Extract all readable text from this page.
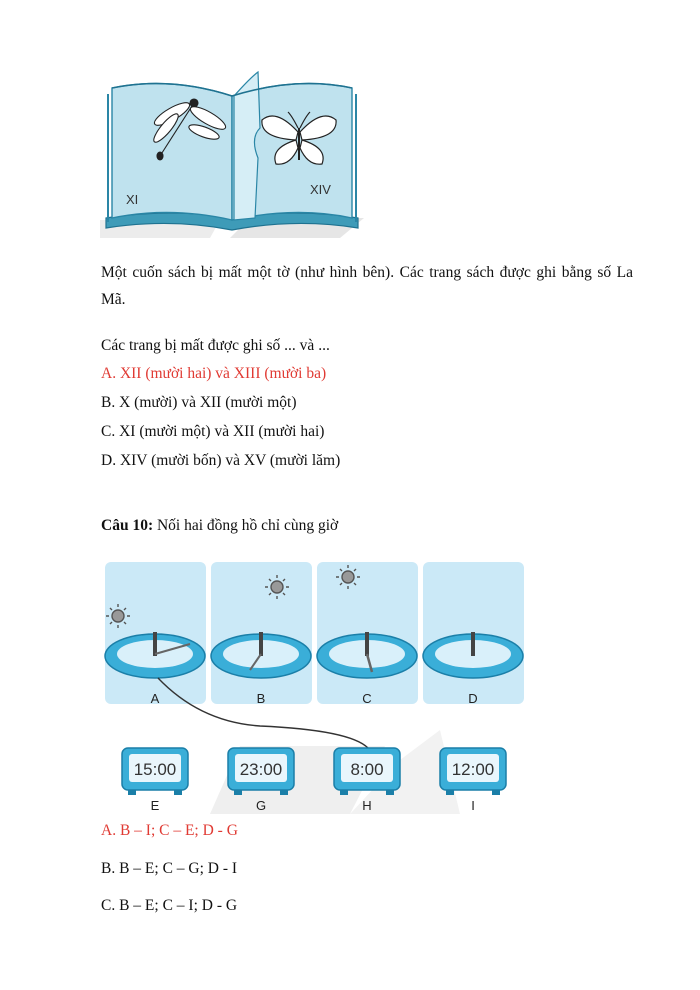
XI
XIV
Một cuốn sách bị mất một tờ (như hình bên). Các trang sách được ghi bằng số La Mã.
Các trang bị mất được ghi số ... và ...
A. XII (mười hai) và XIII (mười ba)
B. X (mười) và XII (mười một)
C. XI (mười một) và XII (mười hai)
D. XIV (mười bốn) và XV (mười lăm)
Câu 10: Nối hai đồng hồ chỉ cùng giờ
A	B	C	D
15:00	23:00	8:00	12:00
E	G	H	I
A. B – I; C – E; D - G
B. B – E; C – G; D - I
C. B – E; C – I; D - G
